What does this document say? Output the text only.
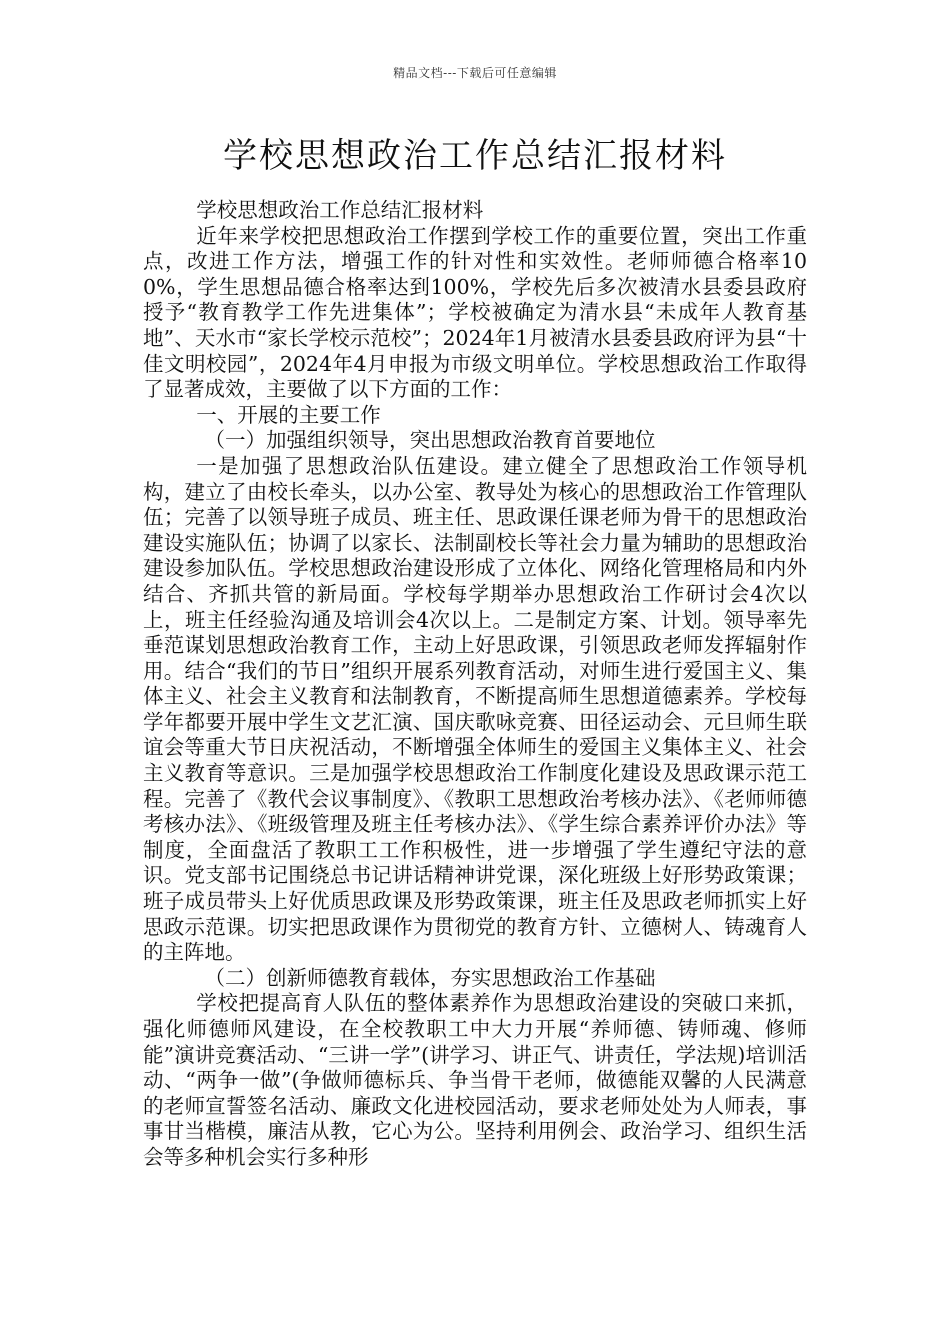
精品文档---下载后可任意编辑
学校思想政治工作总结汇报材料

学校思想政治工作总结汇报材料

近年来学校把思想政治工作摆到学校工作的重要位置，突出工作重点，改进工作方法，增强工作的针对性和实效性。老师师德合格率100%，学生思想品德合格率达到100%，学校先后多次被清水县委县政府授予“教育教学工作先进集体”；学校被确定为清水县“未成年人教育基地”、天水市“家长学校示范校”；2024年1月被清水县委县政府评为县“十佳文明校园”，2024年4月申报为市级文明单位。学校思想政治工作取得了显著成效，主要做了以下方面的工作：

一、开展的主要工作

（一）加强组织领导，突出思想政治教育首要地位

一是加强了思想政治队伍建设。建立健全了思想政治工作领导机构，建立了由校长牵头，以办公室、教导处为核心的思想政治工作管理队伍；完善了以领导班子成员、班主任、思政课任课老师为骨干的思想政治建设实施队伍；协调了以家长、法制副校长等社会力量为辅助的思想政治建设参加队伍。学校思想政治建设形成了立体化、网络化管理格局和内外结合、齐抓共管的新局面。学校每学期举办思想政治工作研讨会4次以上，班主任经验沟通及培训会4次以上。二是制定方案、计划。领导率先垂范谋划思想政治教育工作，主动上好思政课，引领思政老师发挥辐射作用。结合“我们的节日”组织开展系列教育活动，对师生进行爱国主义、集体主义、社会主义教育和法制教育，不断提高师生思想道德素养。学校每学年都要开展中学生文艺汇演、国庆歌咏竞赛、田径运动会、元旦师生联谊会等重大节日庆祝活动，不断增强全体师生的爱国主义集体主义、社会主义教育等意识。三是加强学校思想政治工作制度化建设及思政课示范工程。完善了《教代会议事制度》、《教职工思想政治考核办法》、《老师师德考核办法》、《班级管理及班主任考核办法》、《学生综合素养评价办法》等制度，全面盘活了教职工工作积极性，进一步增强了学生遵纪守法的意识。党支部书记围绕总书记讲话精神讲党课，深化班级上好形势政策课；班子成员带头上好优质思政课及形势政策课，班主任及思政老师抓实上好思政示范课。切实把思政课作为贯彻党的教育方针、立德树人、铸魂育人的主阵地。

（二）创新师德教育载体，夯实思想政治工作基础

学校把提高育人队伍的整体素养作为思想政治建设的突破口来抓，强化师德师风建设，在全校教职工中大力开展“养师德、铸师魂、修师能”演讲竞赛活动、“三讲一学”(讲学习、讲正气、讲责任，学法规)培训活动、“两争一做”(争做师德标兵、争当骨干老师，做德能双馨的人民满意的老师宣誓签名活动、廉政文化进校园活动，要求老师处处为人师表，事事甘当楷模，廉洁从教，它心为公。坚持利用例会、政治学习、组织生活会等多种机会实行多种形
